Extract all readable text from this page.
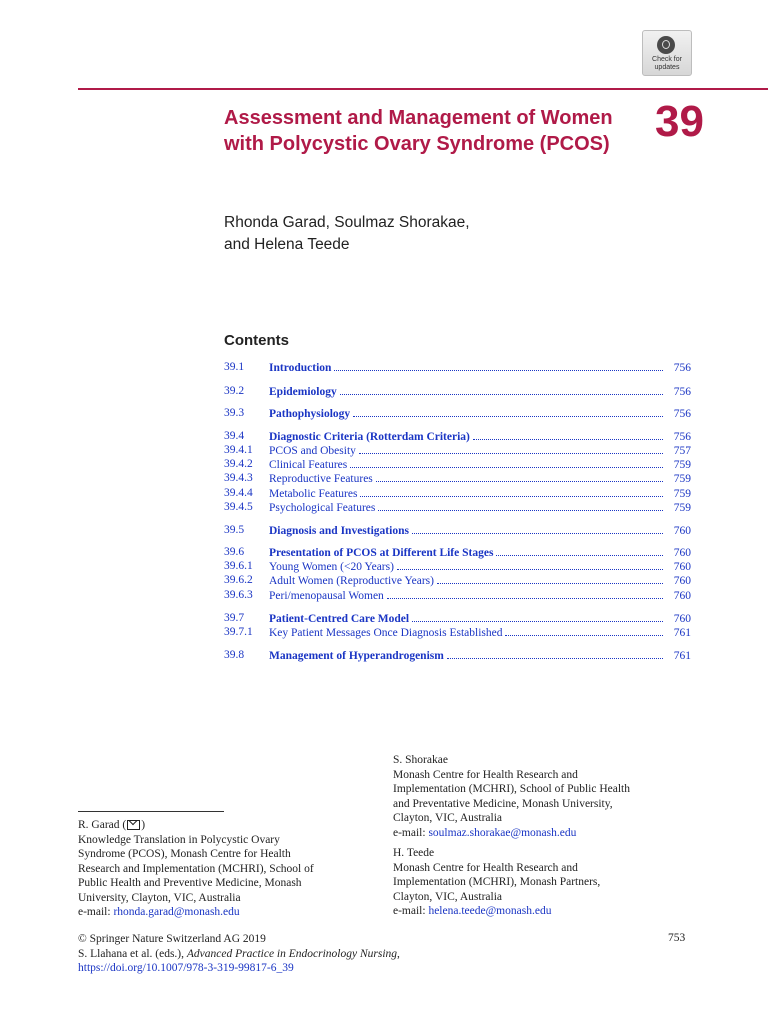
Check for updates
Assessment and Management of Women with Polycystic Ovary Syndrome (PCOS) 39
Rhonda Garad, Soulmaz Shorakae,
and Helena Teede
Contents
39.1 Introduction	756
39.2 Epidemiology	756
39.3 Pathophysiology	756
39.4 Diagnostic Criteria (Rotterdam Criteria)	756
39.4.1 PCOS and Obesity	757
39.4.2 Clinical Features	759
39.4.3 Reproductive Features	759
39.4.4 Metabolic Features	759
39.4.5 Psychological Features	759
39.5 Diagnosis and Investigations	760
39.6 Presentation of PCOS at Different Life Stages	760
39.6.1 Young Women (<20 Years)	760
39.6.2 Adult Women (Reproductive Years)	760
39.6.3 Peri/menopausal Women	760
39.7 Patient-Centred Care Model	760
39.7.1 Key Patient Messages Once Diagnosis Established	761
39.8 Management of Hyperandrogenism	761
S. Shorakae
Monash Centre for Health Research and
Implementation (MCHRI), School of Public Health
and Preventative Medicine, Monash University,
Clayton, VIC, Australia
e-mail: soulmaz.shorakae@monash.edu
H. Teede
Monash Centre for Health Research and
Implementation (MCHRI), Monash Partners,
Clayton, VIC, Australia
e-mail: helena.teede@monash.edu
R. Garad ( )
Knowledge Translation in Polycystic Ovary
Syndrome (PCOS), Monash Centre for Health
Research and Implementation (MCHRI), School of
Public Health and Preventive Medicine, Monash
University, Clayton, VIC, Australia
e-mail: rhonda.garad@monash.edu
© Springer Nature Switzerland AG 2019
S. Llahana et al. (eds.), Advanced Practice in Endocrinology Nursing,
https://doi.org/10.1007/978-3-319-99817-6_39
753
